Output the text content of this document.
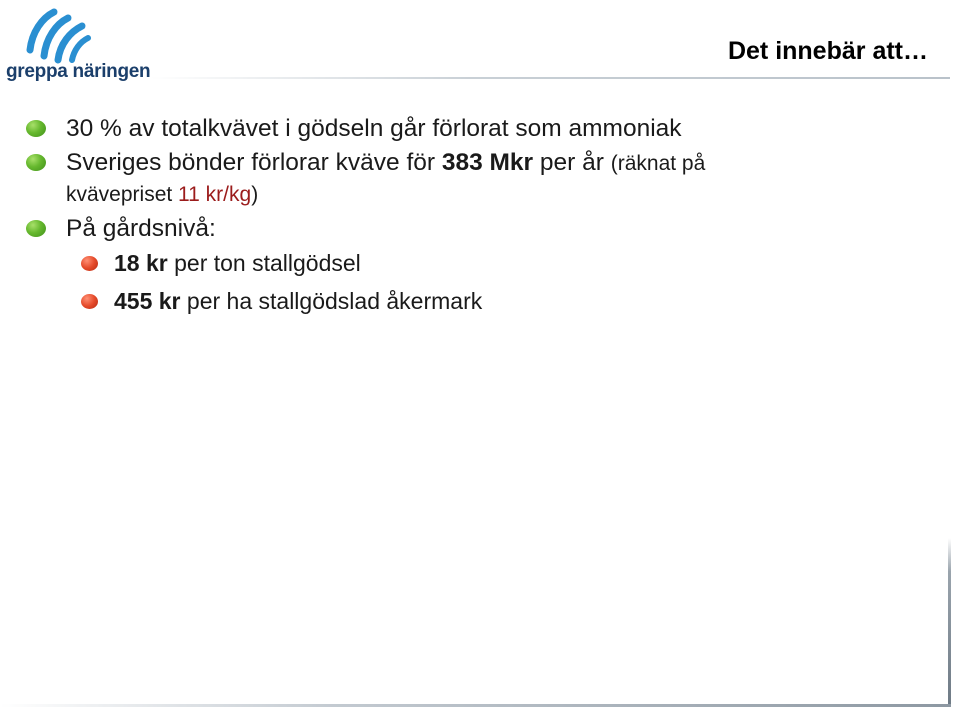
greppa näringen
Det innebär att…
30 % av totalkvävet i gödseln går förlorat som ammoniak
Sveriges bönder förlorar kväve för 383 Mkr per år (räknat på
kvävepriset 11 kr/kg)
På gårdsnivå:
18 kr per ton stallgödsel
455 kr per ha stallgödslad åkermark
